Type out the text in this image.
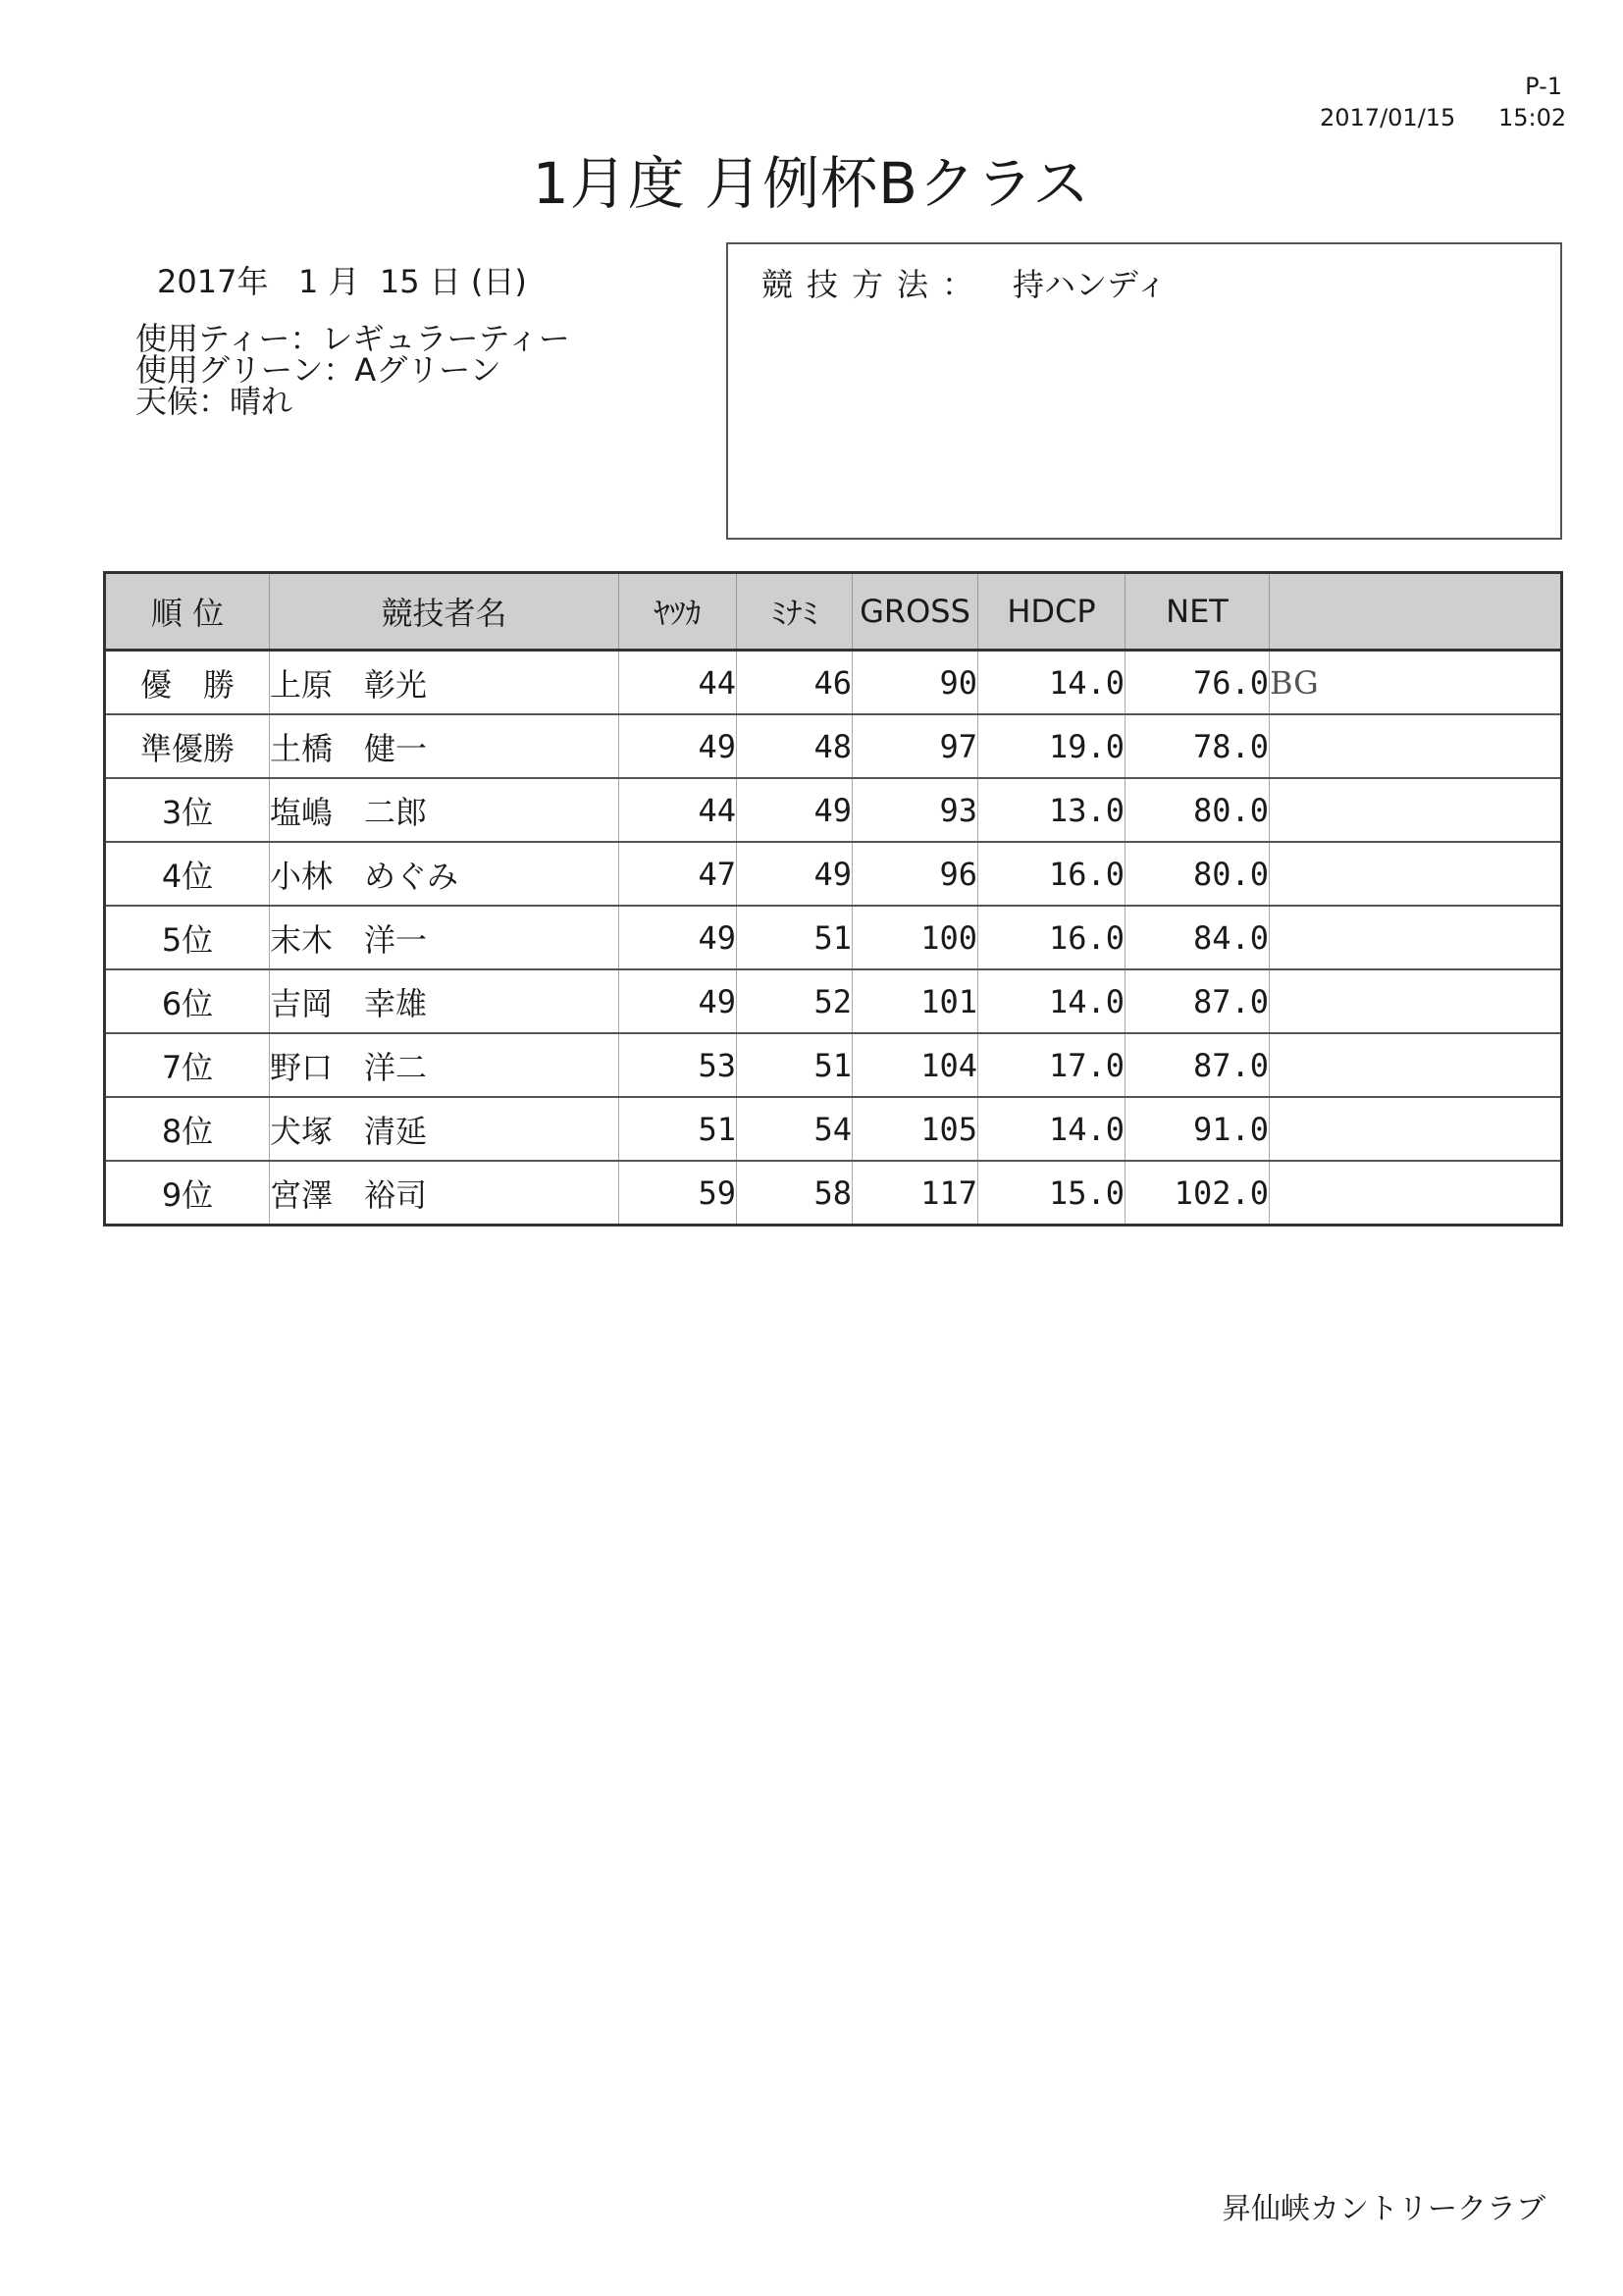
P-1
2017/01/15 15:02
1月度 月例杯Bクラス
2017年   1 月  15 日 (日)
使用ティー：レギュラーティー
使用グリーン：Aグリーン
天候：晴れ
競技方法： 持ハンディ
順 位	競技者名	ﾔﾂｶ	ﾐﾅﾐ	GROSS	HDCP	NET	
優　勝	上原　彰光	44	46	90	14.0	76.0	BG
準優勝	土橋　健一	49	48	97	19.0	78.0	
3位	塩嶋　二郎	44	49	93	13.0	80.0	
4位	小林　めぐみ	47	49	96	16.0	80.0	
5位	末木　洋一	49	51	100	16.0	84.0	
6位	吉岡　幸雄	49	52	101	14.0	87.0	
7位	野口　洋二	53	51	104	17.0	87.0	
8位	犬塚　清延	51	54	105	14.0	91.0	
9位	宮澤　裕司	59	58	117	15.0	102.0	
昇仙峡カントリークラブ
